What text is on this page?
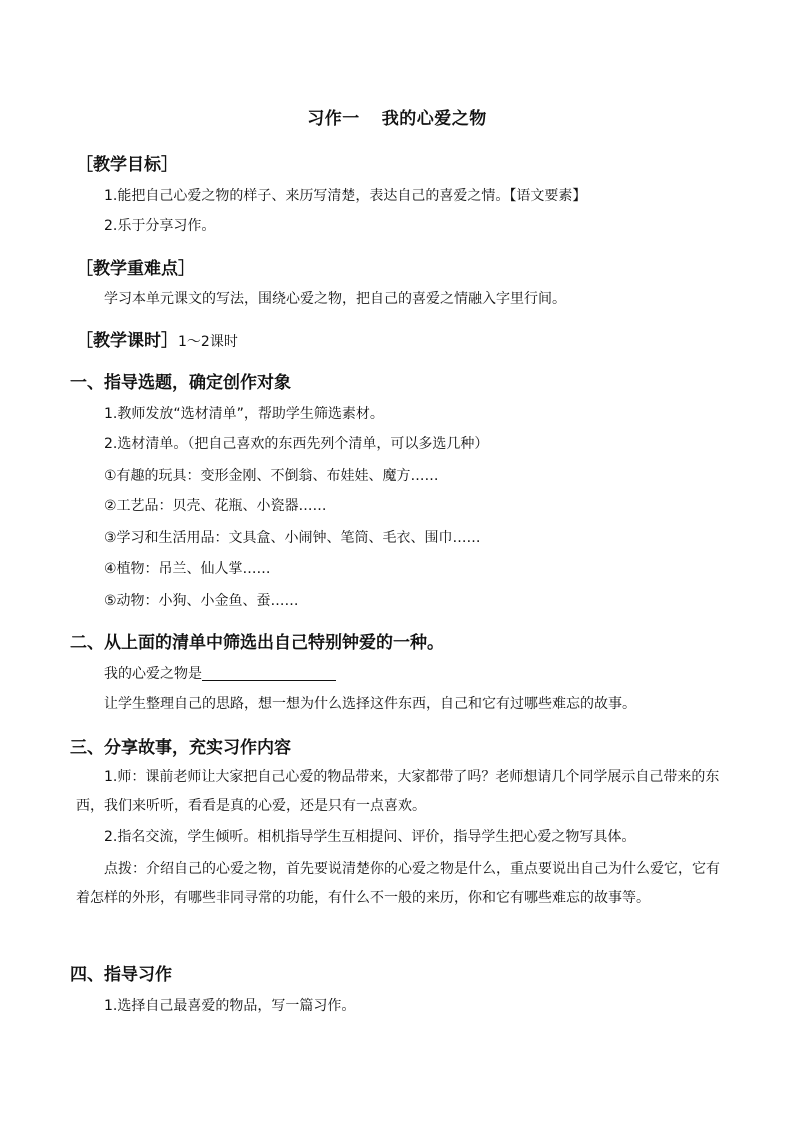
习作一 我的心爱之物
［教学目标］
1.能把自己心爱之物的样子、来历写清楚，表达自己的喜爱之情。【语文要素】
2.乐于分享习作。
［教学重难点］
学习本单元课文的写法，围绕心爱之物，把自己的喜爱之情融入字里行间。
［教学课时］1～2课时
一、指导选题，确定创作对象
1.教师发放“选材清单”，帮助学生筛选素材。
2.选材清单。（把自己喜欢的东西先列个清单，可以多选几种）
①有趣的玩具：变形金刚、不倒翁、布娃娃、魔方……
②工艺品：贝壳、花瓶、小瓷器……
③学习和生活用品：文具盒、小闹钟、笔筒、毛衣、围巾……
④植物：吊兰、仙人掌……
⑤动物：小狗、小金鱼、蚕……
二、从上面的清单中筛选出自己特别钟爱的一种。
我的心爱之物是
让学生整理自己的思路，想一想为什么选择这件东西，自己和它有过哪些难忘的故事。
三、分享故事，充实习作内容
1.师：课前老师让大家把自己心爱的物品带来，大家都带了吗？老师想请几个同学展示自己带来的东西，我们来听听，看看是真的心爱，还是只有一点喜欢。
2.指名交流，学生倾听。相机指导学生互相提问、评价，指导学生把心爱之物写具体。
点拨：介绍自己的心爱之物，首先要说清楚你的心爱之物是什么，重点要说出自己为什么爱它，它有着怎样的外形，有哪些非同寻常的功能，有什么不一般的来历，你和它有哪些难忘的故事等。
四、指导习作
1.选择自己最喜爱的物品，写一篇习作。
